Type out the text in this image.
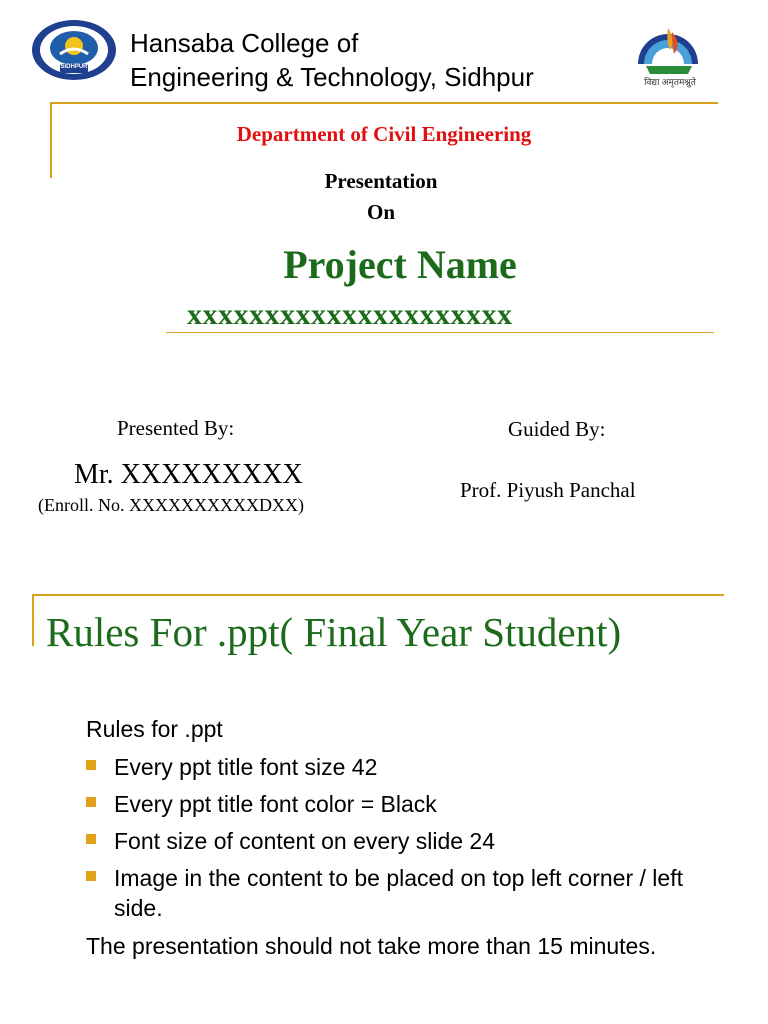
SIDHPUR
Hansaba College of
Engineering & Technology, Sidhpur	विद्या अमृतमश्नुते
Department of Civil Engineering
Presentation
On
Project Name
xxxxxxxxxxxxxxxxxxxxx
Presented By:
Mr. XXXXXXXXX
(Enroll. No. XXXXXXXXXXDXX)
Guided By:
Prof. Piyush Panchal
Rules For .ppt( Final Year Student)
Rules for .ppt
Every ppt title font size 42
Every ppt title font color = Black
Font size of content on every slide 24
Image in the content to be placed on top left corner / left side.
The presentation should not take more than 15 minutes.
